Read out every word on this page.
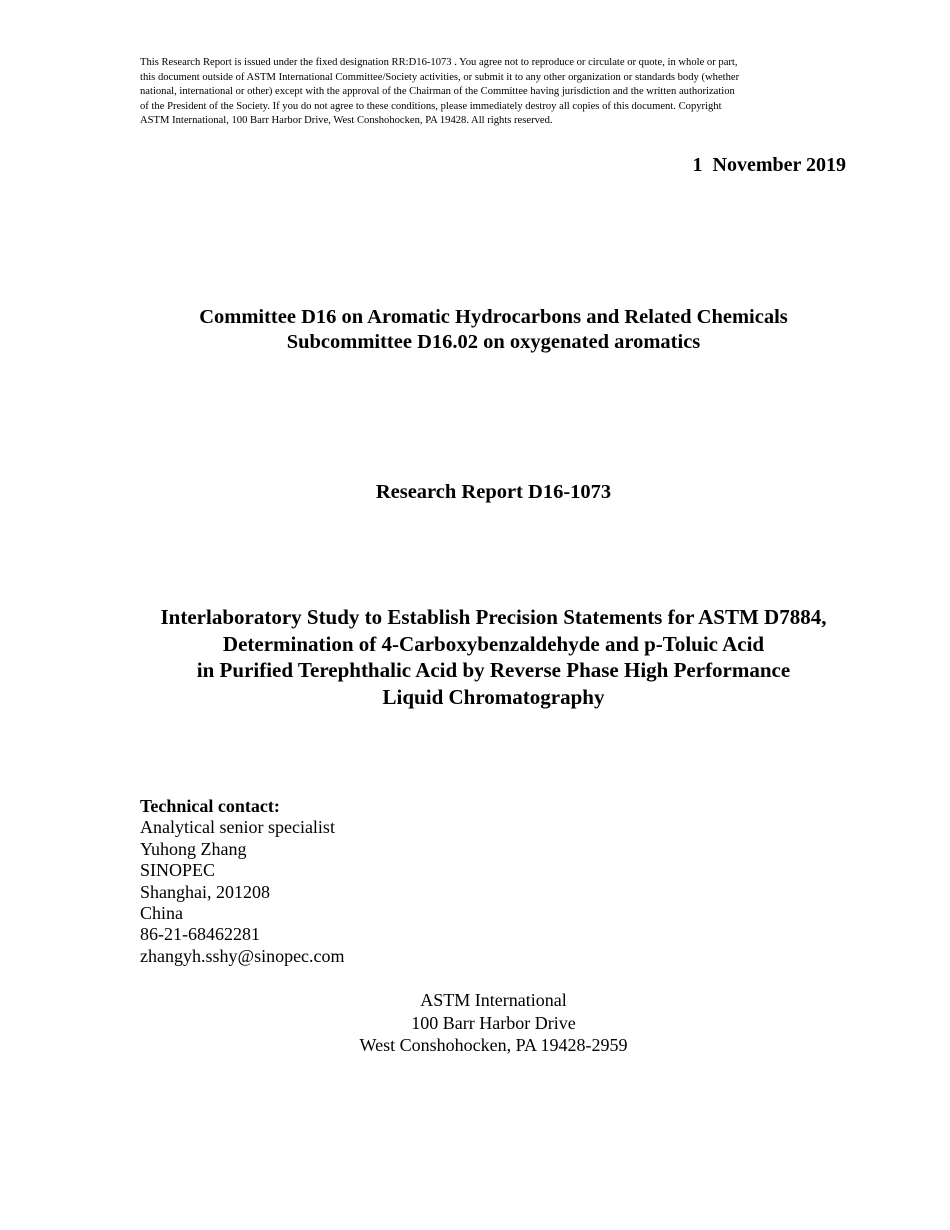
This Research Report is issued under the fixed designation RR:D16-1073 . You agree not to reproduce or circulate or quote, in whole or part,
this document outside of ASTM International Committee/Society activities, or submit it to any other organization or standards body (whether
national, international or other) except with the approval of the Chairman of the Committee having jurisdiction and the written authorization
of the President of the Society. If you do not agree to these conditions, please immediately destroy all copies of this document. Copyright
ASTM International, 100 Barr Harbor Drive, West Conshohocken, PA 19428. All rights reserved.
1  November 2019
Committee D16 on Aromatic Hydrocarbons and Related Chemicals
Subcommittee D16.02 on oxygenated aromatics
Research Report D16-1073
Interlaboratory Study to Establish Precision Statements for ASTM D7884,
Determination of 4-Carboxybenzaldehyde and p-Toluic Acid
in Purified Terephthalic Acid by Reverse Phase High Performance
Liquid Chromatography
Technical contact:
Analytical senior specialist
Yuhong Zhang
SINOPEC
Shanghai, 201208
China
86-21-68462281
zhangyh.sshy@sinopec.com
ASTM International
100 Barr Harbor Drive
West Conshohocken, PA 19428-2959
